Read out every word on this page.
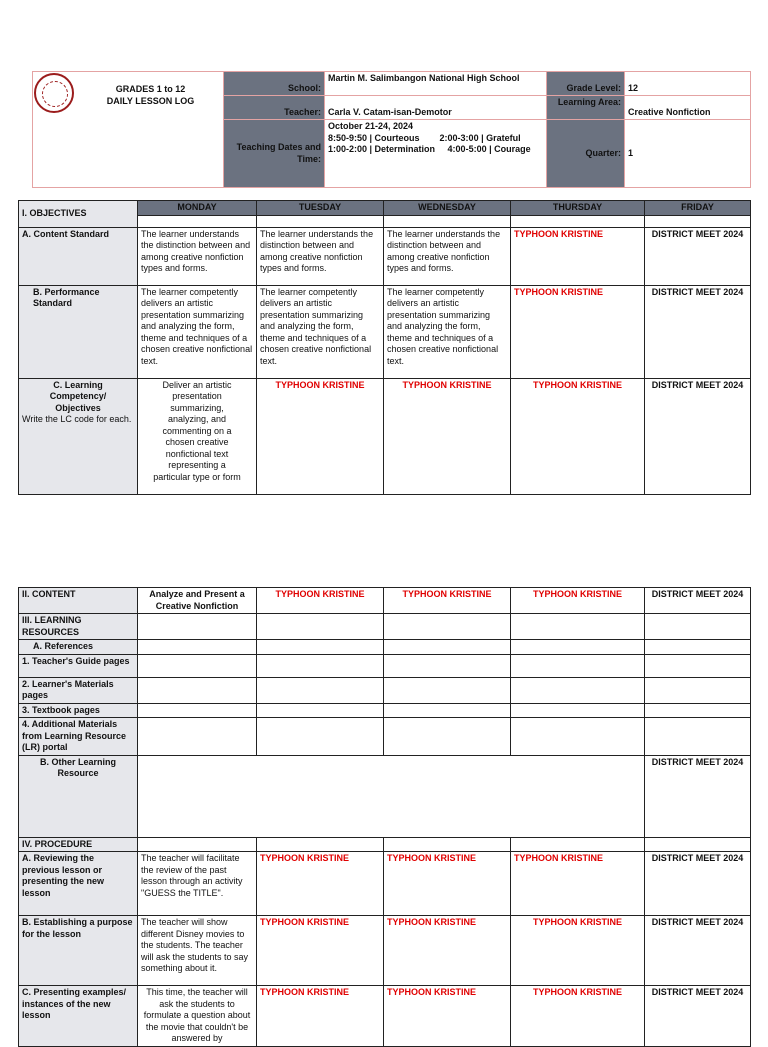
GRADES 1 to 12
DAILY LESSON LOG	School:	Martin M. Salimbangon National High School	Grade Level:	12
	Teacher:	Carla V. Catam-isan-Demotor	Learning Area:	Creative Nonfiction
	Teaching Dates and Time:	October 21-24, 2024
8:50-9:50 | Courteous        2:00-3:00 | Grateful
1:00-2:00 | Determination     4:00-5:00 | Courage	Quarter:	1
I. OBJECTIVES	MONDAY	TUESDAY	WEDNESDAY	THURSDAY	FRIDAY

A. Content Standard	The learner understands the distinction between and among creative nonfiction types and forms.	The learner understands the distinction between and among creative nonfiction types and forms.	The learner understands the distinction between and among creative nonfiction types and forms.	TYPHOON KRISTINE	DISTRICT MEET 2024
B. Performance Standard	The learner competently delivers an artistic presentation summarizing and analyzing the form, theme and techniques of a chosen creative nonfictional text.	The learner competently delivers an artistic presentation summarizing and analyzing the form, theme and techniques of a chosen creative nonfictional text.	The learner competently delivers an artistic presentation summarizing and analyzing the form, theme and techniques of a chosen creative nonfictional text.	TYPHOON KRISTINE	DISTRICT MEET 2024

C. Learning Competency/ Objectives
Write the LC code for each.	Deliver an artistic presentation summarizing, analyzing, and commenting on a chosen creative nonfictional text representing a particular type or form	TYPHOON KRISTINE	TYPHOON KRISTINE	TYPHOON KRISTINE	DISTRICT MEET 2024
II. CONTENT	Analyze and Present a Creative Nonfiction	TYPHOON KRISTINE	TYPHOON KRISTINE	TYPHOON KRISTINE	DISTRICT MEET 2024
III. LEARNING RESOURCES					
A. References					
1. Teacher's Guide pages					
2. Learner's Materials pages					
3. Textbook pages					
4. Additional Materials from Learning Resource (LR) portal					
B. Other Learning Resource					DISTRICT MEET 2024
IV. PROCEDURE					
A. Reviewing the previous lesson or presenting the new lesson	The teacher will facilitate the review of the past lesson through an activity "GUESS the TITLE".	TYPHOON KRISTINE	TYPHOON KRISTINE	TYPHOON KRISTINE	DISTRICT MEET 2024
B. Establishing a purpose for the lesson	The teacher will show different Disney movies to the students. The teacher will ask the students to say something about it.	TYPHOON KRISTINE	TYPHOON KRISTINE	TYPHOON KRISTINE	DISTRICT MEET 2024
C. Presenting examples/ instances of the new lesson	This time, the teacher will ask the students to formulate a question about the movie that couldn't be answered by	TYPHOON KRISTINE	TYPHOON KRISTINE	TYPHOON KRISTINE	DISTRICT MEET 2024
